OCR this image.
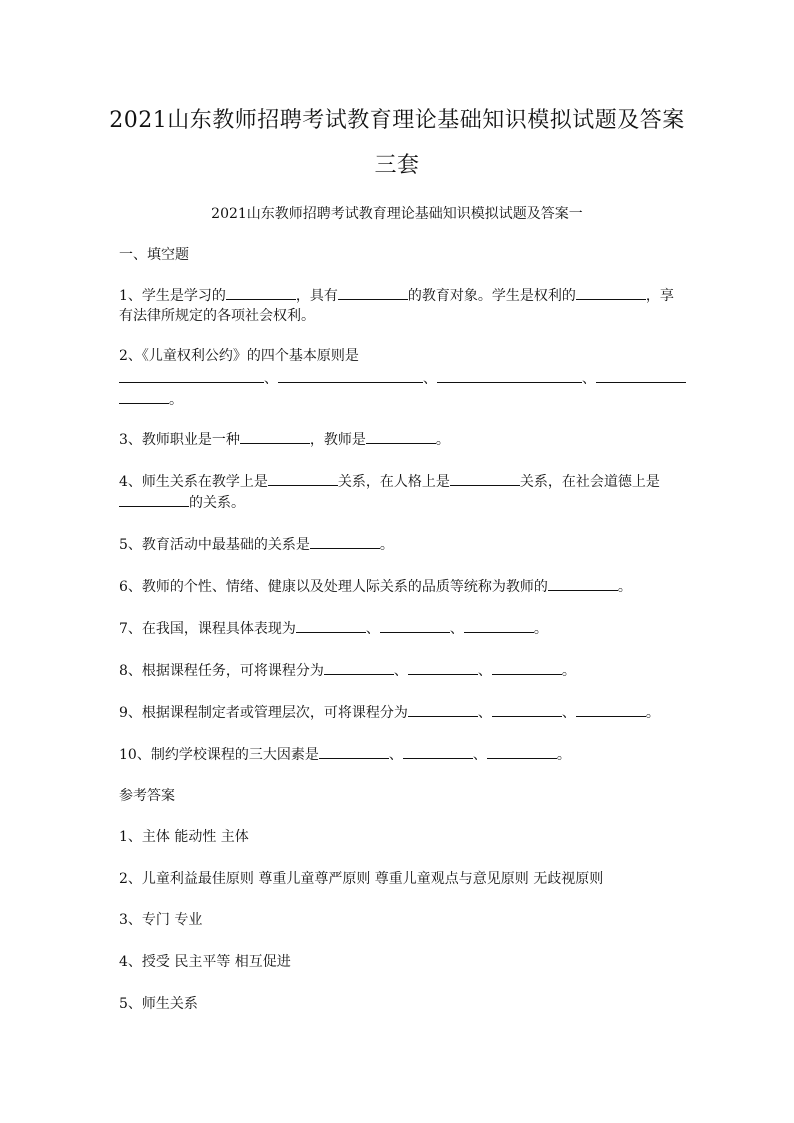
2021山东教师招聘考试教育理论基础知识模拟试题及答案
三套
2021山东教师招聘考试教育理论基础知识模拟试题及答案一
一、填空题
1、学生是学习的	，具有	的教育对象。学生是权利的	，享
有法律所规定的各项社会权利。
2、《儿童权利公约》的四个基本原则是
、	、	、
。
3、教师职业是一种	，教师是	。
4、师生关系在教学上是	关系，在人格上是	关系，在社会道德上是
的关系。
5、教育活动中最基础的关系是	。
6、教师的个性、情绪、健康以及处理人际关系的品质等统称为教师的	。
7、在我国，课程具体表现为	、	、	。
8、根据课程任务，可将课程分为	、	、	。
9、根据课程制定者或管理层次，可将课程分为	、	、	。
10、制约学校课程的三大因素是	、	、	。
参考答案
1、主体 能动性 主体
2、儿童利益最佳原则 尊重儿童尊严原则 尊重儿童观点与意见原则 无歧视原则
3、专门 专业
4、授受 民主平等 相互促进
5、师生关系
